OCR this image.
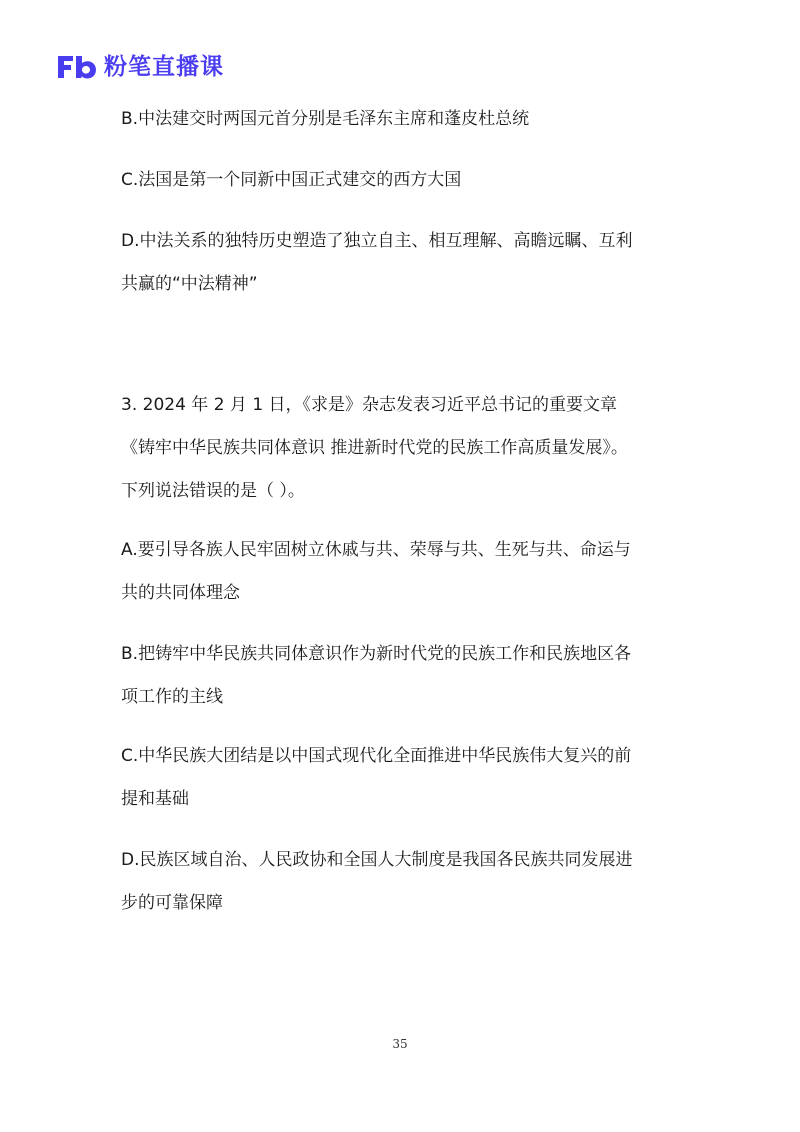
粉笔直播课
B.中法建交时两国元首分别是毛泽东主席和蓬皮杜总统
C.法国是第一个同新中国正式建交的西方大国
D.中法关系的独特历史塑造了独立自主、相互理解、高瞻远瞩、互利
共赢的“中法精神”
3. 2024 年 2 月 1 日，《求是》杂志发表习近平总书记的重要文章
《铸牢中华民族共同体意识 推进新时代党的民族工作高质量发展》。
下列说法错误的是（ ）。
A.要引导各族人民牢固树立休戚与共、荣辱与共、生死与共、命运与
共的共同体理念
B.把铸牢中华民族共同体意识作为新时代党的民族工作和民族地区各
项工作的主线
C.中华民族大团结是以中国式现代化全面推进中华民族伟大复兴的前
提和基础
D.民族区域自治、人民政协和全国人大制度是我国各民族共同发展进
步的可靠保障
35
